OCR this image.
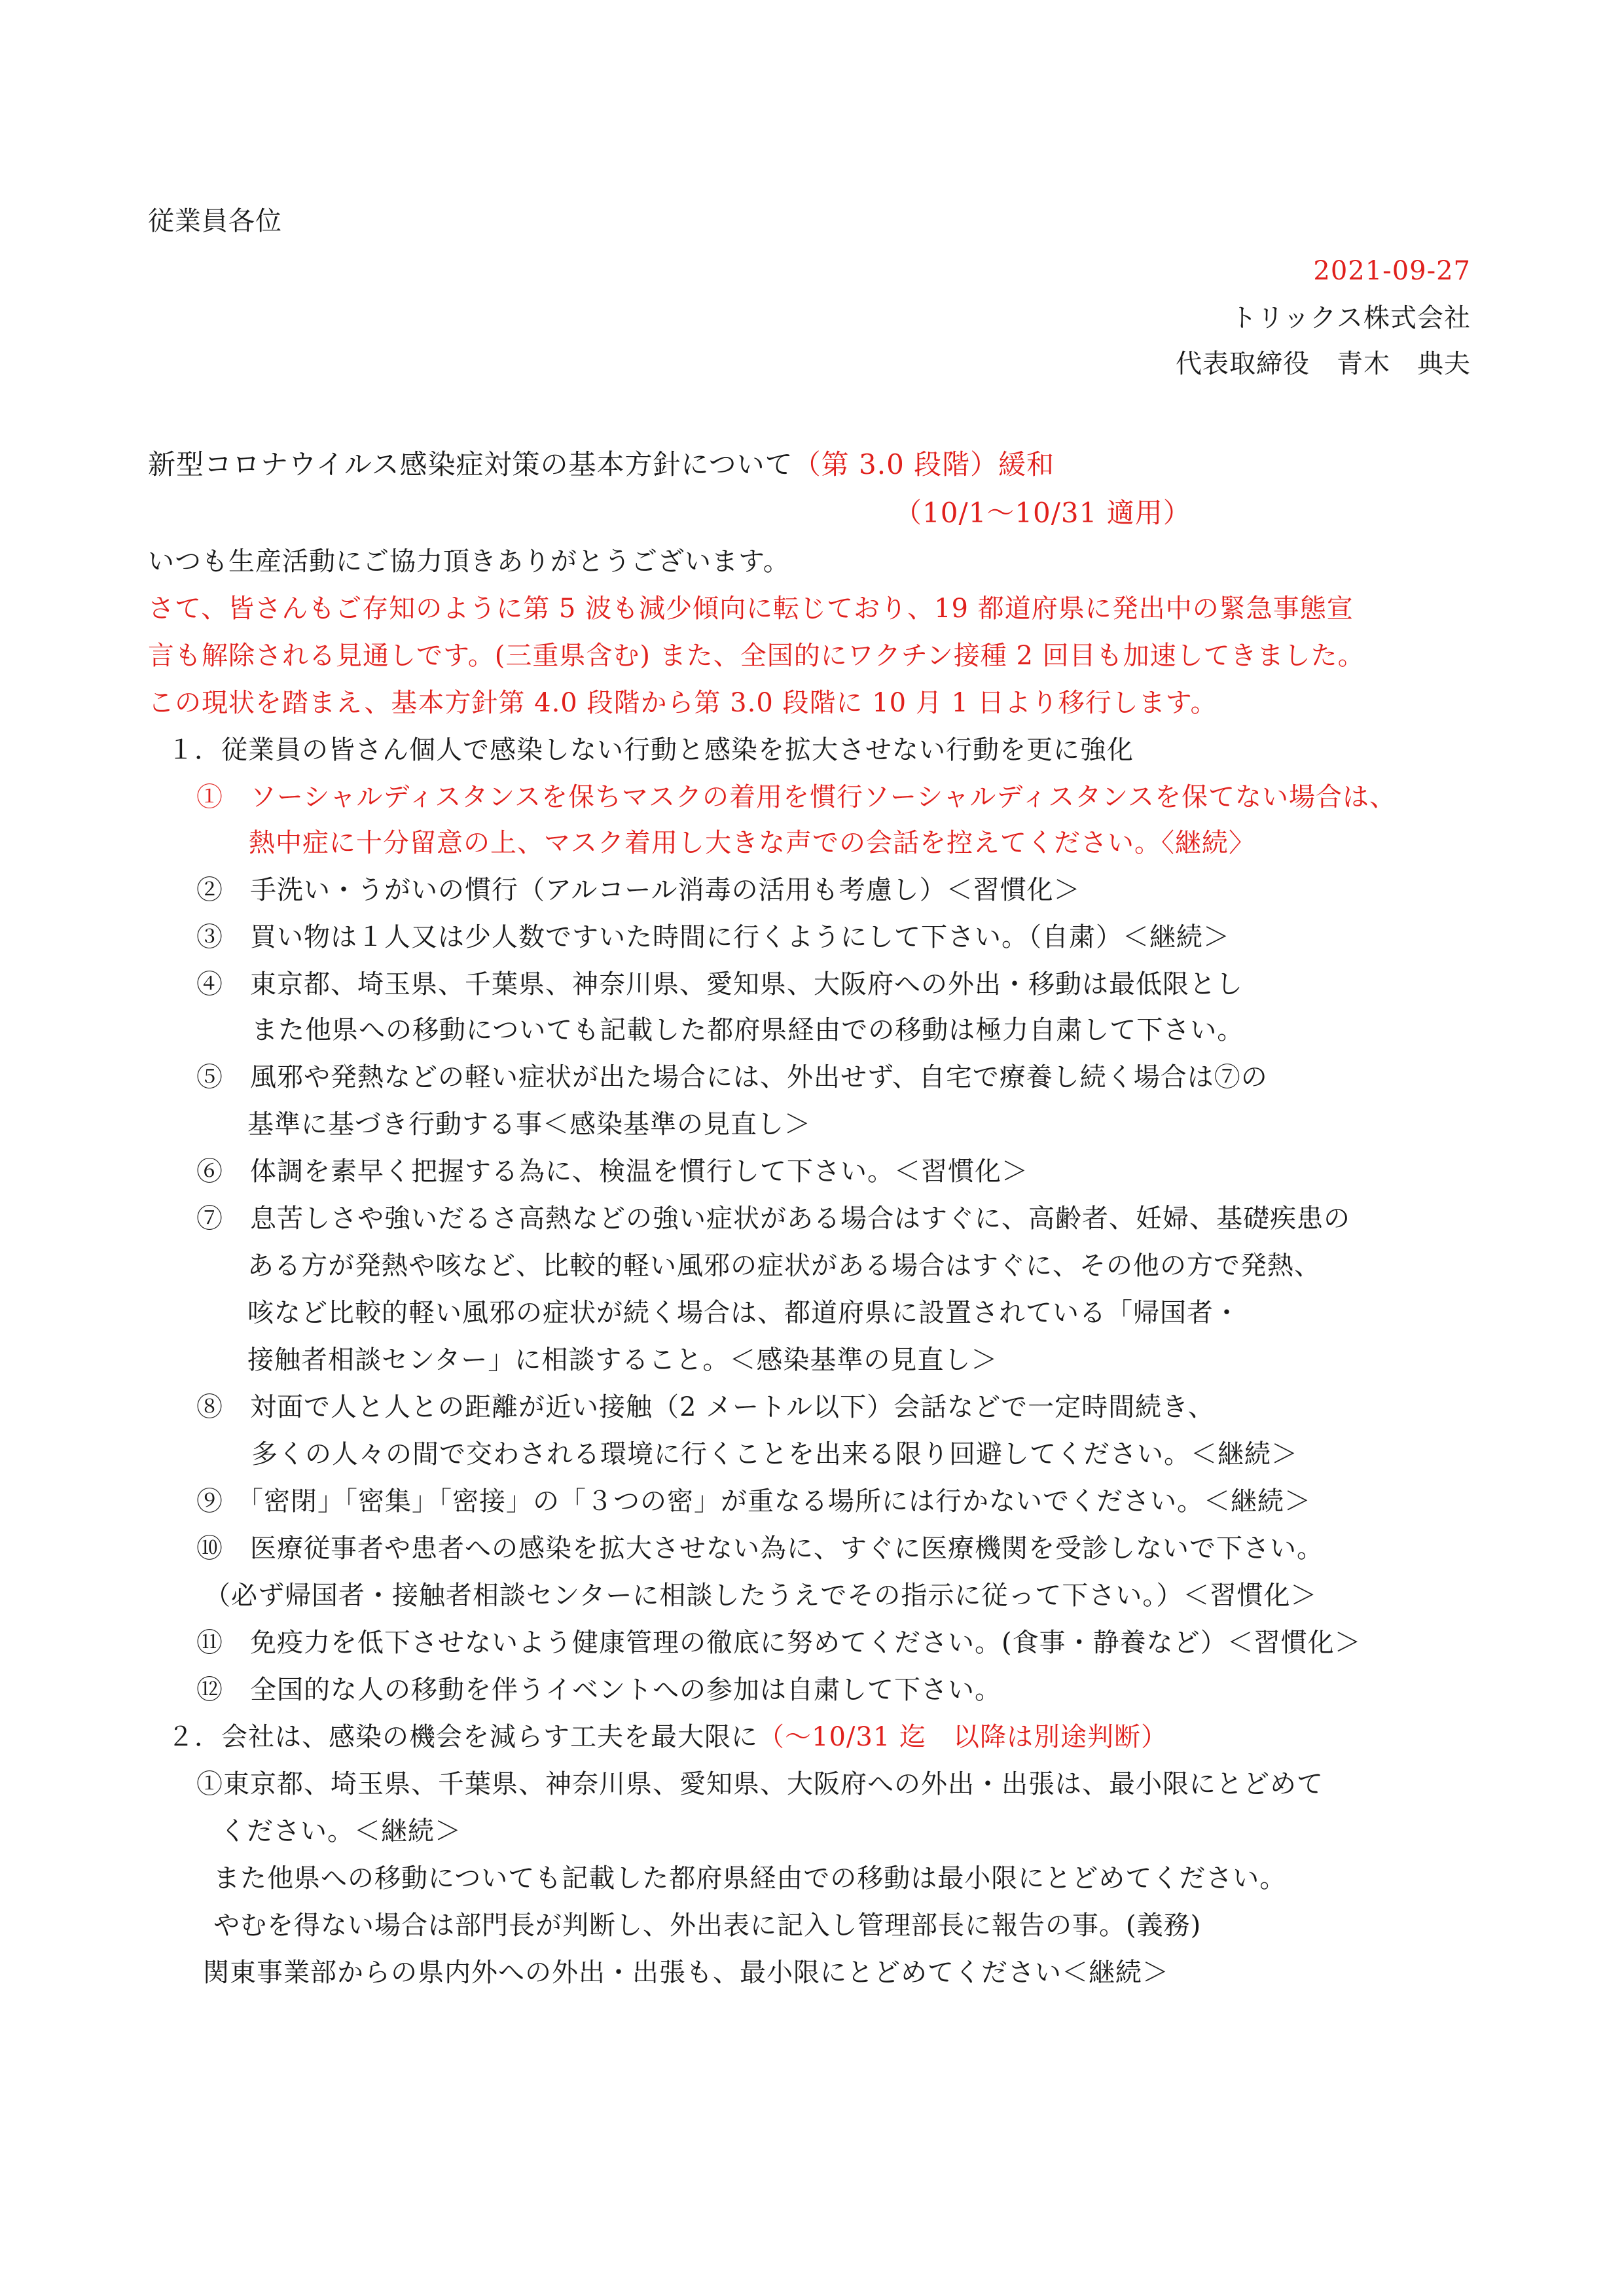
従業員各位
2021-09-27
トリックス株式会社
代表取締役　青木　典夫
新型コロナウイルス感染症対策の基本方針について（第 3.0 段階）緩和
（10/1～10/31 適用）
いつも生産活動にご協力頂きありがとうございます。
さて、皆さんもご存知のように第 5 波も減少傾向に転じており、19 都道府県に発出中の緊急事態宣
言も解除される見通しです。(三重県含む) また、全国的にワクチン接種 2 回目も加速してきました。
この現状を踏まえ、基本方針第 4.0 段階から第 3.0 段階に 10 月 1 日より移行します。
１．従業員の皆さん個人で感染しない行動と感染を拡大させない行動を更に強化
①　ソーシャルディスタンスを保ちマスクの着用を慣行ソーシャルディスタンスを保てない場合は、
熱中症に十分留意の上、マスク着用し大きな声での会話を控えてください。〈継続〉
②　手洗い・うがいの慣行（アルコール消毒の活用も考慮し）＜習慣化＞
③　買い物は１人又は少人数ですいた時間に行くようにして下さい。（自粛）＜継続＞
④　東京都、埼玉県、千葉県、神奈川県、愛知県、大阪府への外出・移動は最低限とし
また他県への移動についても記載した都府県経由での移動は極力自粛して下さい。
⑤　風邪や発熱などの軽い症状が出た場合には、外出せず、自宅で療養し続く場合は⑦の
基準に基づき行動する事＜感染基準の見直し＞
⑥　体調を素早く把握する為に、検温を慣行して下さい。＜習慣化＞
⑦　息苦しさや強いだるさ高熱などの強い症状がある場合はすぐに、高齢者、妊婦、基礎疾患の
ある方が発熱や咳など、比較的軽い風邪の症状がある場合はすぐに、その他の方で発熱、
咳など比較的軽い風邪の症状が続く場合は、都道府県に設置されている「帰国者・
接触者相談センター」に相談すること。＜感染基準の見直し＞
⑧　対面で人と人との距離が近い接触（2 メートル以下）会話などで一定時間続き、
多くの人々の間で交わされる環境に行くことを出来る限り回避してください。＜継続＞
⑨　「密閉」「密集」「密接」の「３つの密」が重なる場所には行かないでください。＜継続＞
⑩　医療従事者や患者への感染を拡大させない為に、すぐに医療機関を受診しないで下さい。
（必ず帰国者・接触者相談センターに相談したうえでその指示に従って下さい。）＜習慣化＞
⑪　免疫力を低下させないよう健康管理の徹底に努めてください。(食事・静養など）＜習慣化＞
⑫　全国的な人の移動を伴うイベントへの参加は自粛して下さい。
２．会社は、感染の機会を減らす工夫を最大限に（～10/31 迄　以降は別途判断）
①東京都、埼玉県、千葉県、神奈川県、愛知県、大阪府への外出・出張は、最小限にとどめて
ください。＜継続＞
また他県への移動についても記載した都府県経由での移動は最小限にとどめてください。
やむを得ない場合は部門長が判断し、外出表に記入し管理部長に報告の事。(義務)
関東事業部からの県内外への外出・出張も、最小限にとどめてください＜継続＞
